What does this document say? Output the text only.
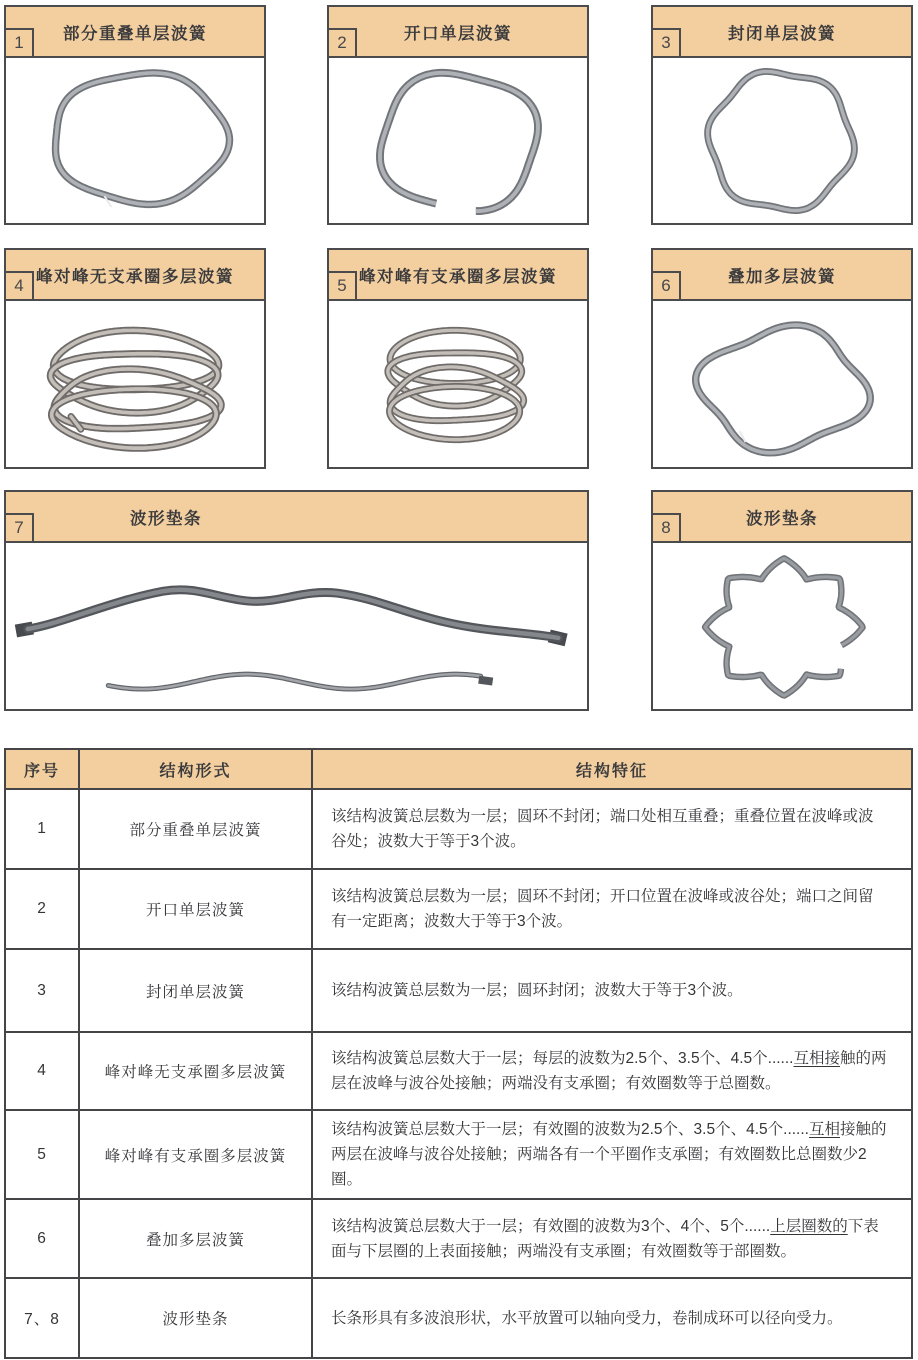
部分重叠单层波簧
1	开口单层波簧
2	封闭单层波簧
3
峰对峰无支承圈多层波簧
4	峰对峰有支承圈多层波簧
5	叠加多层波簧
6
波形垫条
7	波形垫条
8
序号	结构形式	结构特征
1	部分重叠单层波簧	该结构波簧总层数为一层；圆环不封闭；端口处相互重叠；重叠位置在波峰或波谷处；波数大于等于3个波。
2	开口单层波簧	该结构波簧总层数为一层；圆环不封闭；开口位置在波峰或波谷处；端口之间留有一定距离；波数大于等于3个波。
3	封闭单层波簧	该结构波簧总层数为一层；圆环封闭；波数大于等于3个波。
4	峰对峰无支承圈多层波簧	该结构波簧总层数大于一层；每层的波数为2.5个、3.5个、4.5个......互相接触的两层在波峰与波谷处接触；两端没有支承圈；有效圈数等于总圈数。
5	峰对峰有支承圈多层波簧	该结构波簧总层数大于一层；有效圈的波数为2.5个、3.5个、4.5个......互相接触的两层在波峰与波谷处接触；两端各有一个平圈作支承圈；有效圈数比总圈数少2圈。
6	叠加多层波簧	该结构波簧总层数大于一层；有效圈的波数为3个、4个、5个......上层圈数的下表面与下层圈的上表面接触；两端没有支承圈；有效圈数等于部圈数。
7、8	波形垫条	长条形具有多波浪形状，水平放置可以轴向受力，卷制成环可以径向受力。
